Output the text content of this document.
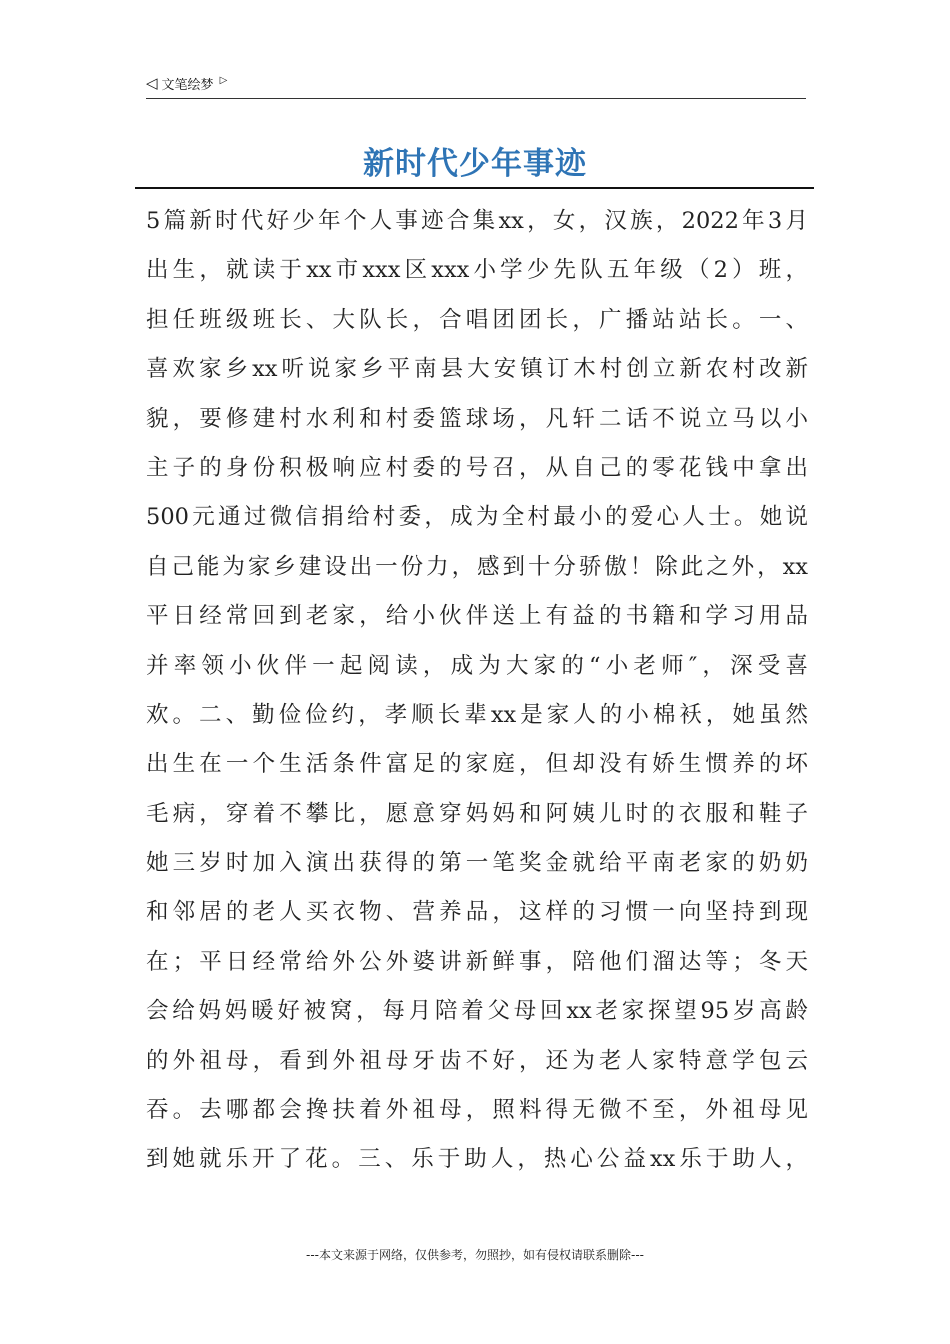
◁ 文笔绘梦 ▷
新时代少年事迹
5篇新时代好少年个人事迹合集xx，女，汉族，2022年3月
出生，就读于xx市xxx区xxx小学少先队五年级（2）班，
担任班级班长、大队长，合唱团团长，广播站站长。一、
喜欢家乡xx听说家乡平南县大安镇订木村创立新农村改新
貌，要修建村水利和村委篮球场，凡轩二话不说立马以小
主子的身份积极响应村委的号召，从自己的零花钱中拿出
500元通过微信捐给村委，成为全村最小的爱心人士。她说
自己能为家乡建设出一份力，感到十分骄傲！除此之外，xx
平日经常回到老家，给小伙伴送上有益的书籍和学习用品
并率领小伙伴一起阅读，成为大家的“小老师″，深受喜
欢。二、勤俭俭约，孝顺长辈xx是家人的小棉袄，她虽然
出生在一个生活条件富足的家庭，但却没有娇生惯养的坏
毛病，穿着不攀比，愿意穿妈妈和阿姨儿时的衣服和鞋子
她三岁时加入演出获得的第一笔奖金就给平南老家的奶奶
和邻居的老人买衣物、营养品，这样的习惯一向坚持到现
在；平日经常给外公外婆讲新鲜事，陪他们溜达等；冬天
会给妈妈暖好被窝，每月陪着父母回xx老家探望95岁高龄
的外祖母，看到外祖母牙齿不好，还为老人家特意学包云
吞。去哪都会搀扶着外祖母，照料得无微不至，外祖母见
到她就乐开了花。三、乐于助人，热心公益xx乐于助人，
---本文来源于网络，仅供参考，勿照抄，如有侵权请联系删除---
